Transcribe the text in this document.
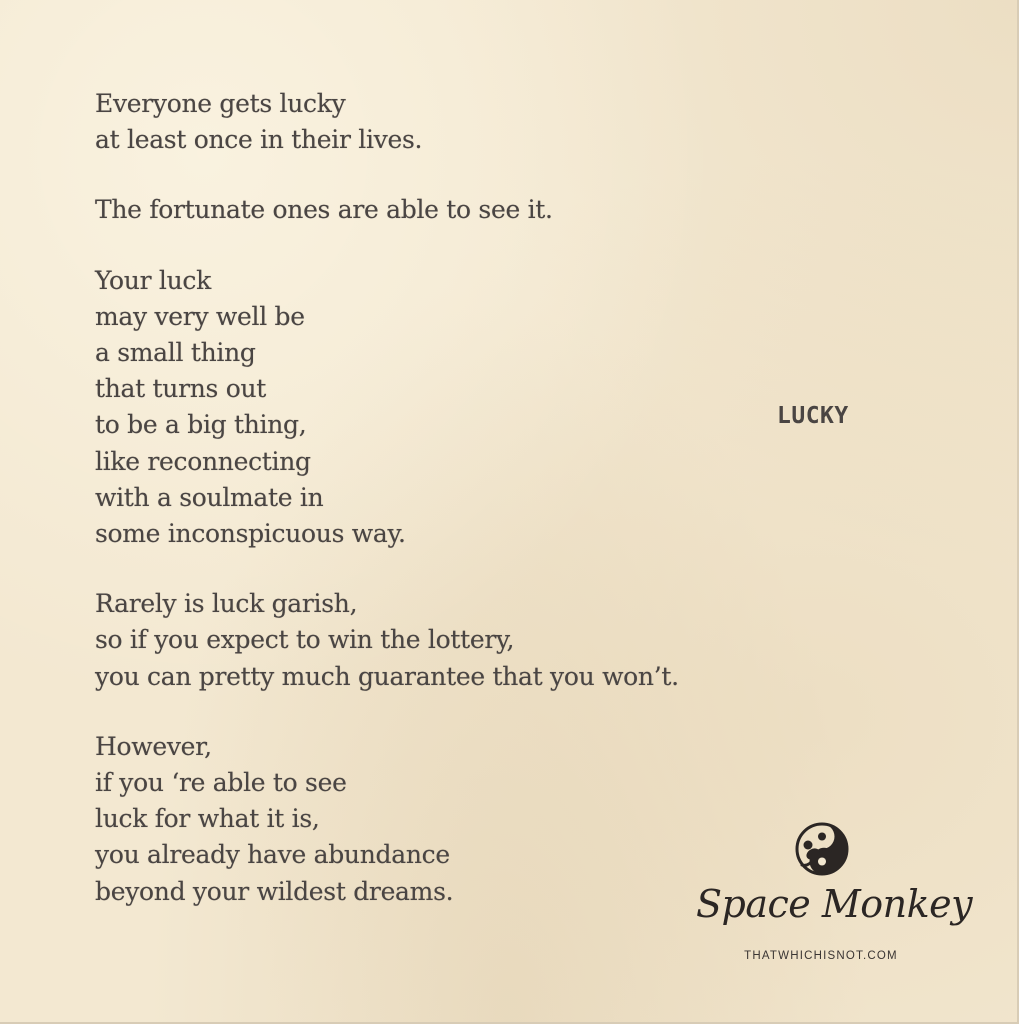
Everyone gets lucky
at least once in their lives.
The fortunate ones are able to see it.
Your luck
may very well be
a small thing
that turns out
to be a big thing,
like reconnecting
with a soulmate in
some inconspicuous way.
Rarely is luck garish,
so if you expect to win the lottery,
you can pretty much guarantee that you won’t.
However,
if you ‘re able to see
luck for what it is,
you already have abundance
beyond your wildest dreams.
LUCKY
Space Monkey
THATWHICHISNOT.COM
